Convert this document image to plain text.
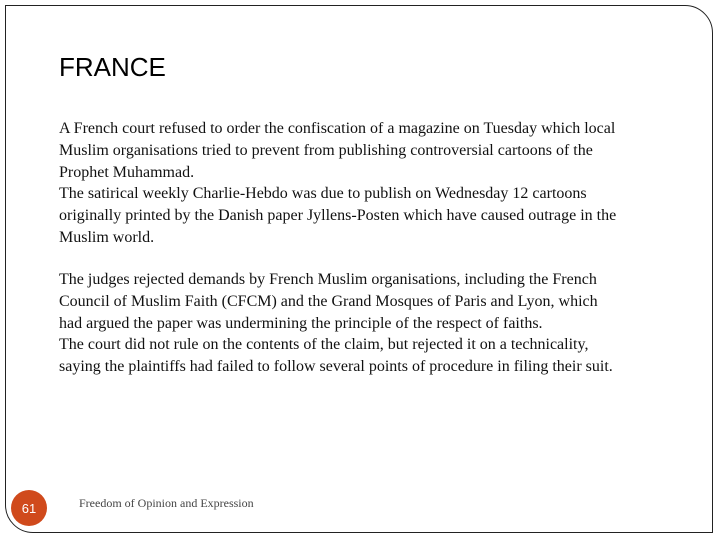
FRANCE
A French court refused to order the confiscation of a magazine on Tuesday which local
Muslim organisations tried to prevent from publishing controversial cartoons of the
Prophet Muhammad.
The satirical weekly Charlie-Hebdo was due to publish on Wednesday 12 cartoons
originally printed by the Danish paper Jyllens-Posten which have caused outrage in the
Muslim world.
The judges rejected demands by French Muslim organisations, including the French
Council of Muslim Faith (CFCM) and the Grand Mosques of Paris and Lyon, which
had argued the paper was undermining the principle of the respect of faiths.
The court did not rule on the contents of the claim, but rejected it on a technicality,
saying the plaintiffs had failed to follow several points of procedure in filing their suit.
61	Freedom of Opinion and Expression
